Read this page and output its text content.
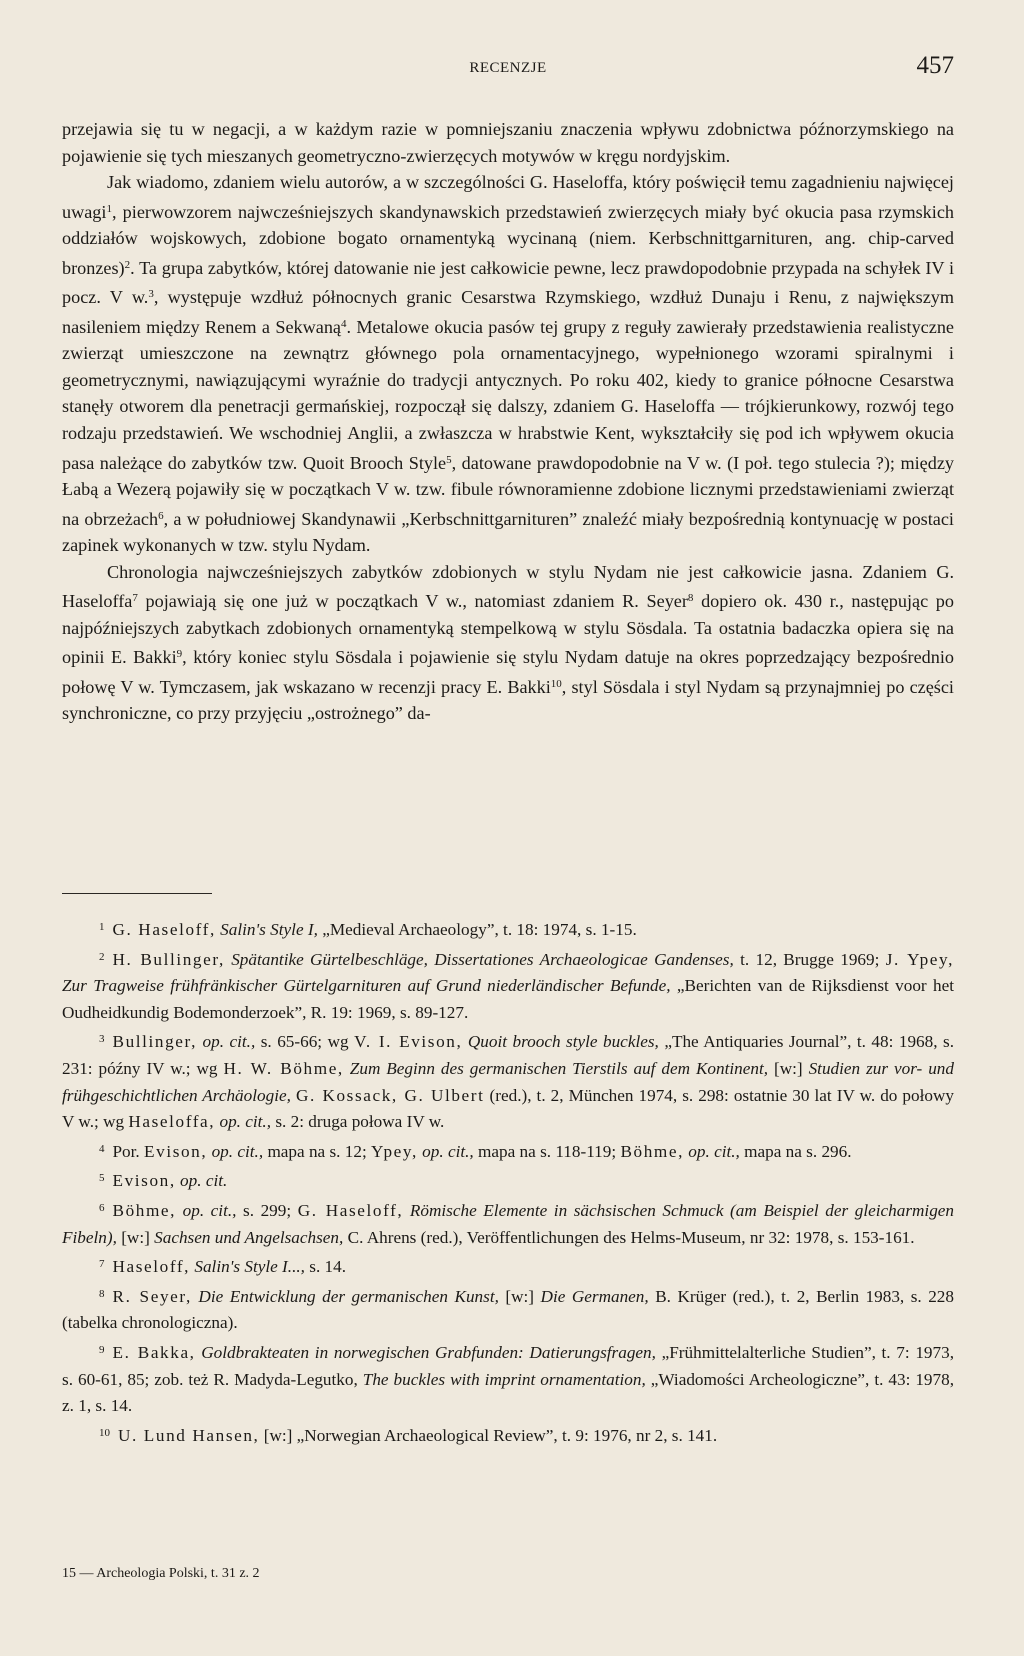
RECENZJE	457

przejawia się tu w negacji, a w każdym razie w pomniejszaniu znaczenia wpływu zdobnictwa późnorzymskiego na pojawienie się tych mieszanych geometryczno-zwierzęcych motywów w kręgu nordyjskim.

Jak wiadomo, zdaniem wielu autorów, a w szczególności G. Haseloffa, który poświęcił temu zagadnieniu najwięcej uwagi$^1$, pierwowzorem najwcześniejszych skandynawskich przedstawień zwierzęcych miały być okucia pasa rzymskich oddziałów wojskowych, zdobione bogato ornamentyką wycinaną (niem. Kerbschnittgarnituren, ang. chip-carved bronzes)$^2$. Ta grupa zabytków, której datowanie nie jest całkowicie pewne, lecz prawdopodobnie przypada na schyłek IV i pocz. V w.$^3$, występuje wzdłuż północnych granic Cesarstwa Rzymskiego, wzdłuż Dunaju i Renu, z największym nasileniem między Renem a Sekwaną$^4$. Metalowe okucia pasów tej grupy z reguły zawierały przedstawienia realistyczne zwierząt umieszczone na zewnątrz głównego pola ornamentacyjnego, wypełnionego wzorami spiralnymi i geometrycznymi, nawiązującymi wyraźnie do tradycji antycznych. Po roku 402, kiedy to granice północne Cesarstwa stanęły otworem dla penetracji germańskiej, rozpoczął się dalszy, zdaniem G. Haseloffa — trójkierunkowy, rozwój tego rodzaju przedstawień. We wschodniej Anglii, a zwłaszcza w hrabstwie Kent, wykształciły się pod ich wpływem okucia pasa należące do zabytków tzw. Quoit Brooch Style$^5$, datowane prawdopodobnie na V w. (I poł. tego stulecia ?); między Łabą a Wezerą pojawiły się w początkach V w. tzw. fibule równoramienne zdobione licznymi przedstawieniami zwierząt na obrzeżach$^6$, a w południowej Skandynawii „Kerbschnittgarnituren” znaleźć miały bezpośrednią kontynuację w postaci zapinek wykonanych w tzw. stylu Nydam.

Chronologia najwcześniejszych zabytków zdobionych w stylu Nydam nie jest całkowicie jasna. Zdaniem G. Haseloffa$^7$ pojawiają się one już w początkach V w., natomiast zdaniem R. Seyer$^8$ dopiero ok. 430 r., następując po najpóźniejszych zabytkach zdobionych ornamentyką stempelkową w stylu Sösdala. Ta ostatnia badaczka opiera się na opinii E. Bakki$^9$, który koniec stylu Sösdala i pojawienie się stylu Nydam datuje na okres poprzedzający bezpośrednio połowę V w. Tymczasem, jak wskazano w recenzji pracy E. Bakki$^{10}$, styl Sösdala i styl Nydam są przynajmniej po części synchroniczne, co przy przyjęciu „ostrożnego” da-

$^1$ G. Haseloff, Salin's Style I, „Medieval Archaeology”, t. 18: 1974, s. 1-15.

$^2$ H. Bullinger, Spätantike Gürtelbeschläge, Dissertationes Archaeologicae Gandenses, t. 12, Brugge 1969; J. Ypey, Zur Tragweise frühfränkischer Gürtelgarnituren auf Grund niederländischer Befunde, „Berichten van de Rijksdienst voor het Oudheidkundig Bodemonderzoek”, R. 19: 1969, s. 89-127.

$^3$ Bullinger, op. cit., s. 65-66; wg V. I. Evison, Quoit brooch style buckles, „The Antiquaries Journal”, t. 48: 1968, s. 231: późny IV w.; wg H. W. Böhme, Zum Beginn des germanischen Tierstils auf dem Kontinent, [w:] Studien zur vor- und frühgeschichtlichen Archäologie, G. Kossack, G. Ulbert (red.), t. 2, München 1974, s. 298: ostatnie 30 lat IV w. do połowy V w.; wg Haseloffa, op. cit., s. 2: druga połowa IV w.

$^4$ Por. Evison, op. cit., mapa na s. 12; Ypey, op. cit., mapa na s. 118-119; Böhme, op. cit., mapa na s. 296.

$^5$ Evison, op. cit.

$^6$ Böhme, op. cit., s. 299; G. Haseloff, Römische Elemente in sächsischen Schmuck (am Beispiel der gleicharmigen Fibeln), [w:] Sachsen und Angelsachsen, C. Ahrens (red.), Veröffentlichungen des Helms-Museum, nr 32: 1978, s. 153-161.

$^7$ Haseloff, Salin's Style I..., s. 14.

$^8$ R. Seyer, Die Entwicklung der germanischen Kunst, [w:] Die Germanen, B. Krüger (red.), t. 2, Berlin 1983, s. 228 (tabelka chronologiczna).

$^9$ E. Bakka, Goldbrakteaten in norwegischen Grabfunden: Datierungsfragen, „Frühmittelalterliche Studien”, t. 7: 1973, s. 60-61, 85; zob. też R. Madyda-Legutko, The buckles with imprint ornamentation, „Wiadomości Archeologiczne”, t. 43: 1978, z. 1, s. 14.

$^{10}$ U. Lund Hansen, [w:] „Norwegian Archaeological Review”, t. 9: 1976, nr 2, s. 141.

15 — Archeologia Polski, t. 31 z. 2
